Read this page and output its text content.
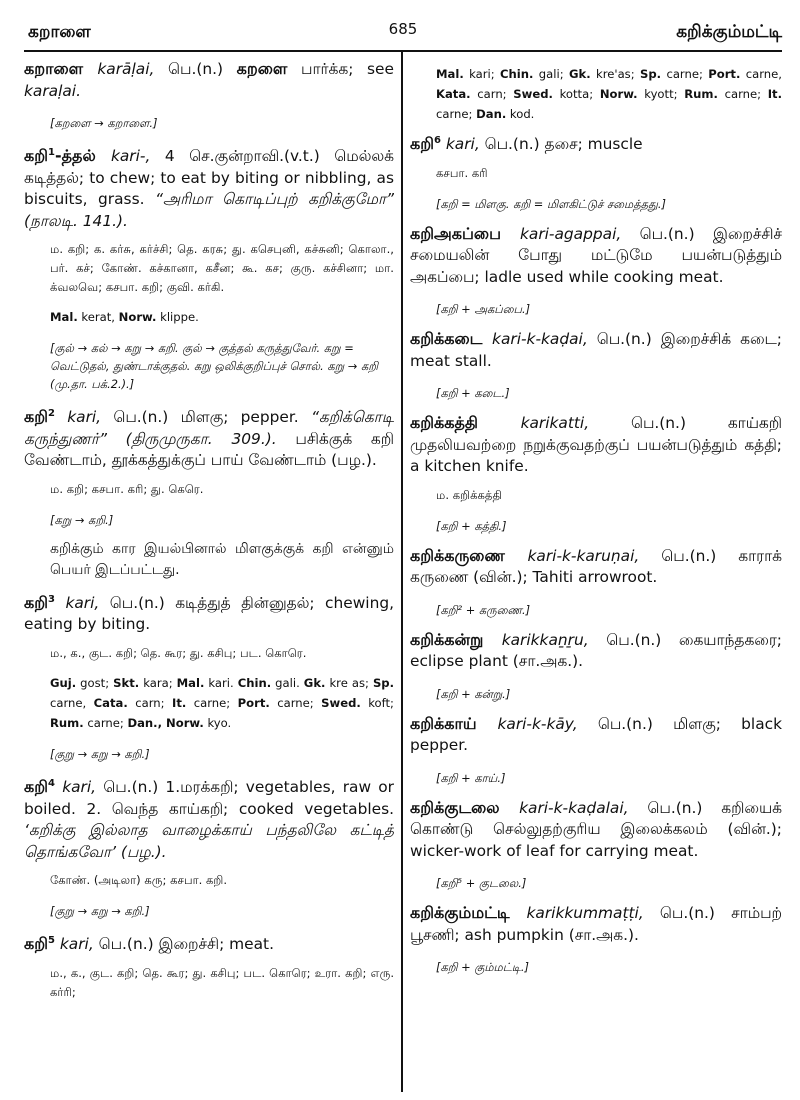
கறாளை	685	கறிக்கும்மட்டி

கறாளை karāḷai, பெ.(n.) கறளை பார்க்க; see karaḷai.

[கறளை → கறாளை.]

கறி$^1$-த்தல் kari-, 4 செ.குன்றாவி.(v.t.) மெல்லக் கடித்தல்; to chew; to eat by biting or nibbling, as biscuits, grass. “அரிமா கொடிப்புற் கறிக்குமோ” (நாலடி. 141.).

ம. கறி; க. கர்சு, கர்ச்சி; தெ. கரசு; து. கசெபுனி, கச்சுனி; கொலா., பர். கச்; கோண். கச்கானா, கசீன; கூ. கச; குரு. கச்சினா; மா. க்வலவெ; கசபா. கறி; குவி. கர்கி.

Mal. kerat, Norw. klippe.

[குல் → கல் → கறு → கறி. குல் → குத்தல் கருத்துவேர். கறு = வெட்டுதல், துண்டாக்குதல். கறு ஒலிக்குறிப்புச் சொல். கறு → கறி (மு.தா. பக்.2.).]

கறி$^2$ kari, பெ.(n.) மிளகு; pepper. “கறிக்கொடி கருந்துணர்” (திருமுருகா. 309.). பசிக்குக் கறி வேண்டாம், தூக்கத்துக்குப் பாய் வேண்டாம் (பழ.).

ம. கறி; கசபா. கரி; து. கெரெ.

[கறு → கறி.]

கறிக்கும் கார இயல்பினால் மிளகுக்குக் கறி என்னும் பெயர் இடப்பட்டது.

கறி$^3$ kari, பெ.(n.) கடித்துத் தின்னுதல்; chewing, eating by biting.

ம., க., குட. கறி; தெ. கூர; து. கசிபு; பட. கொரெ.

Guj. gost; Skt. kara; Mal. kari. Chin. gali. Gk. kre as; Sp. carne, Cata. carn; It. carne; Port. carne; Swed. koft; Rum. carne; Dan., Norw. kyo.

[குறு → கறு → கறி.]

கறி$^4$ kari, பெ.(n.) 1.மரக்கறி; vegetables, raw or boiled. 2. வெந்த காய்கறி; cooked vegetables. ‘கறிக்கு இல்லாத வாழைக்காய் பந்தலிலே கட்டித் தொங்கவோ’ (பழ.).

கோண். (அடிலா) கரு; கசபா. கறி.

[குறு → கறு → கறி.]

கறி$^5$ kari, பெ.(n.) இறைச்சி; meat.

ம., க., குட. கறி; தெ. கூர; து. கசிபு; பட. கொரெ; உரா. கறி; எரு. கர்ரி;

Mal. kari; Chin. gali; Gk. kre'as; Sp. carne; Port. carne, Kata. carn; Swed. kotta; Norw. kyott; Rum. carne; It. carne; Dan. kod.

கறி$^6$ kari, பெ.(n.) தசை; muscle

கசபா. கரி

[கறி = மிளகு. கறி = மிளகிட்டுச் சமைத்தது.]

கறிஅகப்பை kari-agappai, பெ.(n.) இறைச்சிச் சமையலின் போது மட்டுமே பயன்படுத்தும் அகப்பை; ladle used while cooking meat.

[கறி + அகப்பை.]

கறிக்கடை kari-k-kaḍai, பெ.(n.) இறைச்சிக் கடை; meat stall.

[கறி + கடை.]

கறிக்கத்தி karikatti, பெ.(n.) காய்கறி முதலியவற்றை நறுக்குவதற்குப் பயன்படுத்தும் கத்தி; a kitchen knife.

ம. கறிக்கத்தி

[கறி + கத்தி.]

கறிக்கருணை kari-k-karuṇai, பெ.(n.) காராக் கருணை (வின்.); Tahiti arrowroot.

[கறி² + கருணை.]

கறிக்கன்று karikkaṉṟu, பெ.(n.) கையாந்தகரை; eclipse plant (சா.அக.).

[கறி + கன்று.]

கறிக்காய் kari-k-kāy, பெ.(n.) மிளகு; black pepper.

[கறி + காய்.]

கறிக்குடலை kari-k-kaḍalai, பெ.(n.) கறியைக் கொண்டு செல்லுதற்குரிய இலைக்கலம் (வின்.); wicker-work of leaf for carrying meat.

[கறி⁵ + குடலை.]

கறிக்கும்மட்டி karikkummaṭṭi, பெ.(n.) சாம்பற் பூசணி; ash pumpkin (சா.அக.).

[கறி + கும்மட்டி.]
